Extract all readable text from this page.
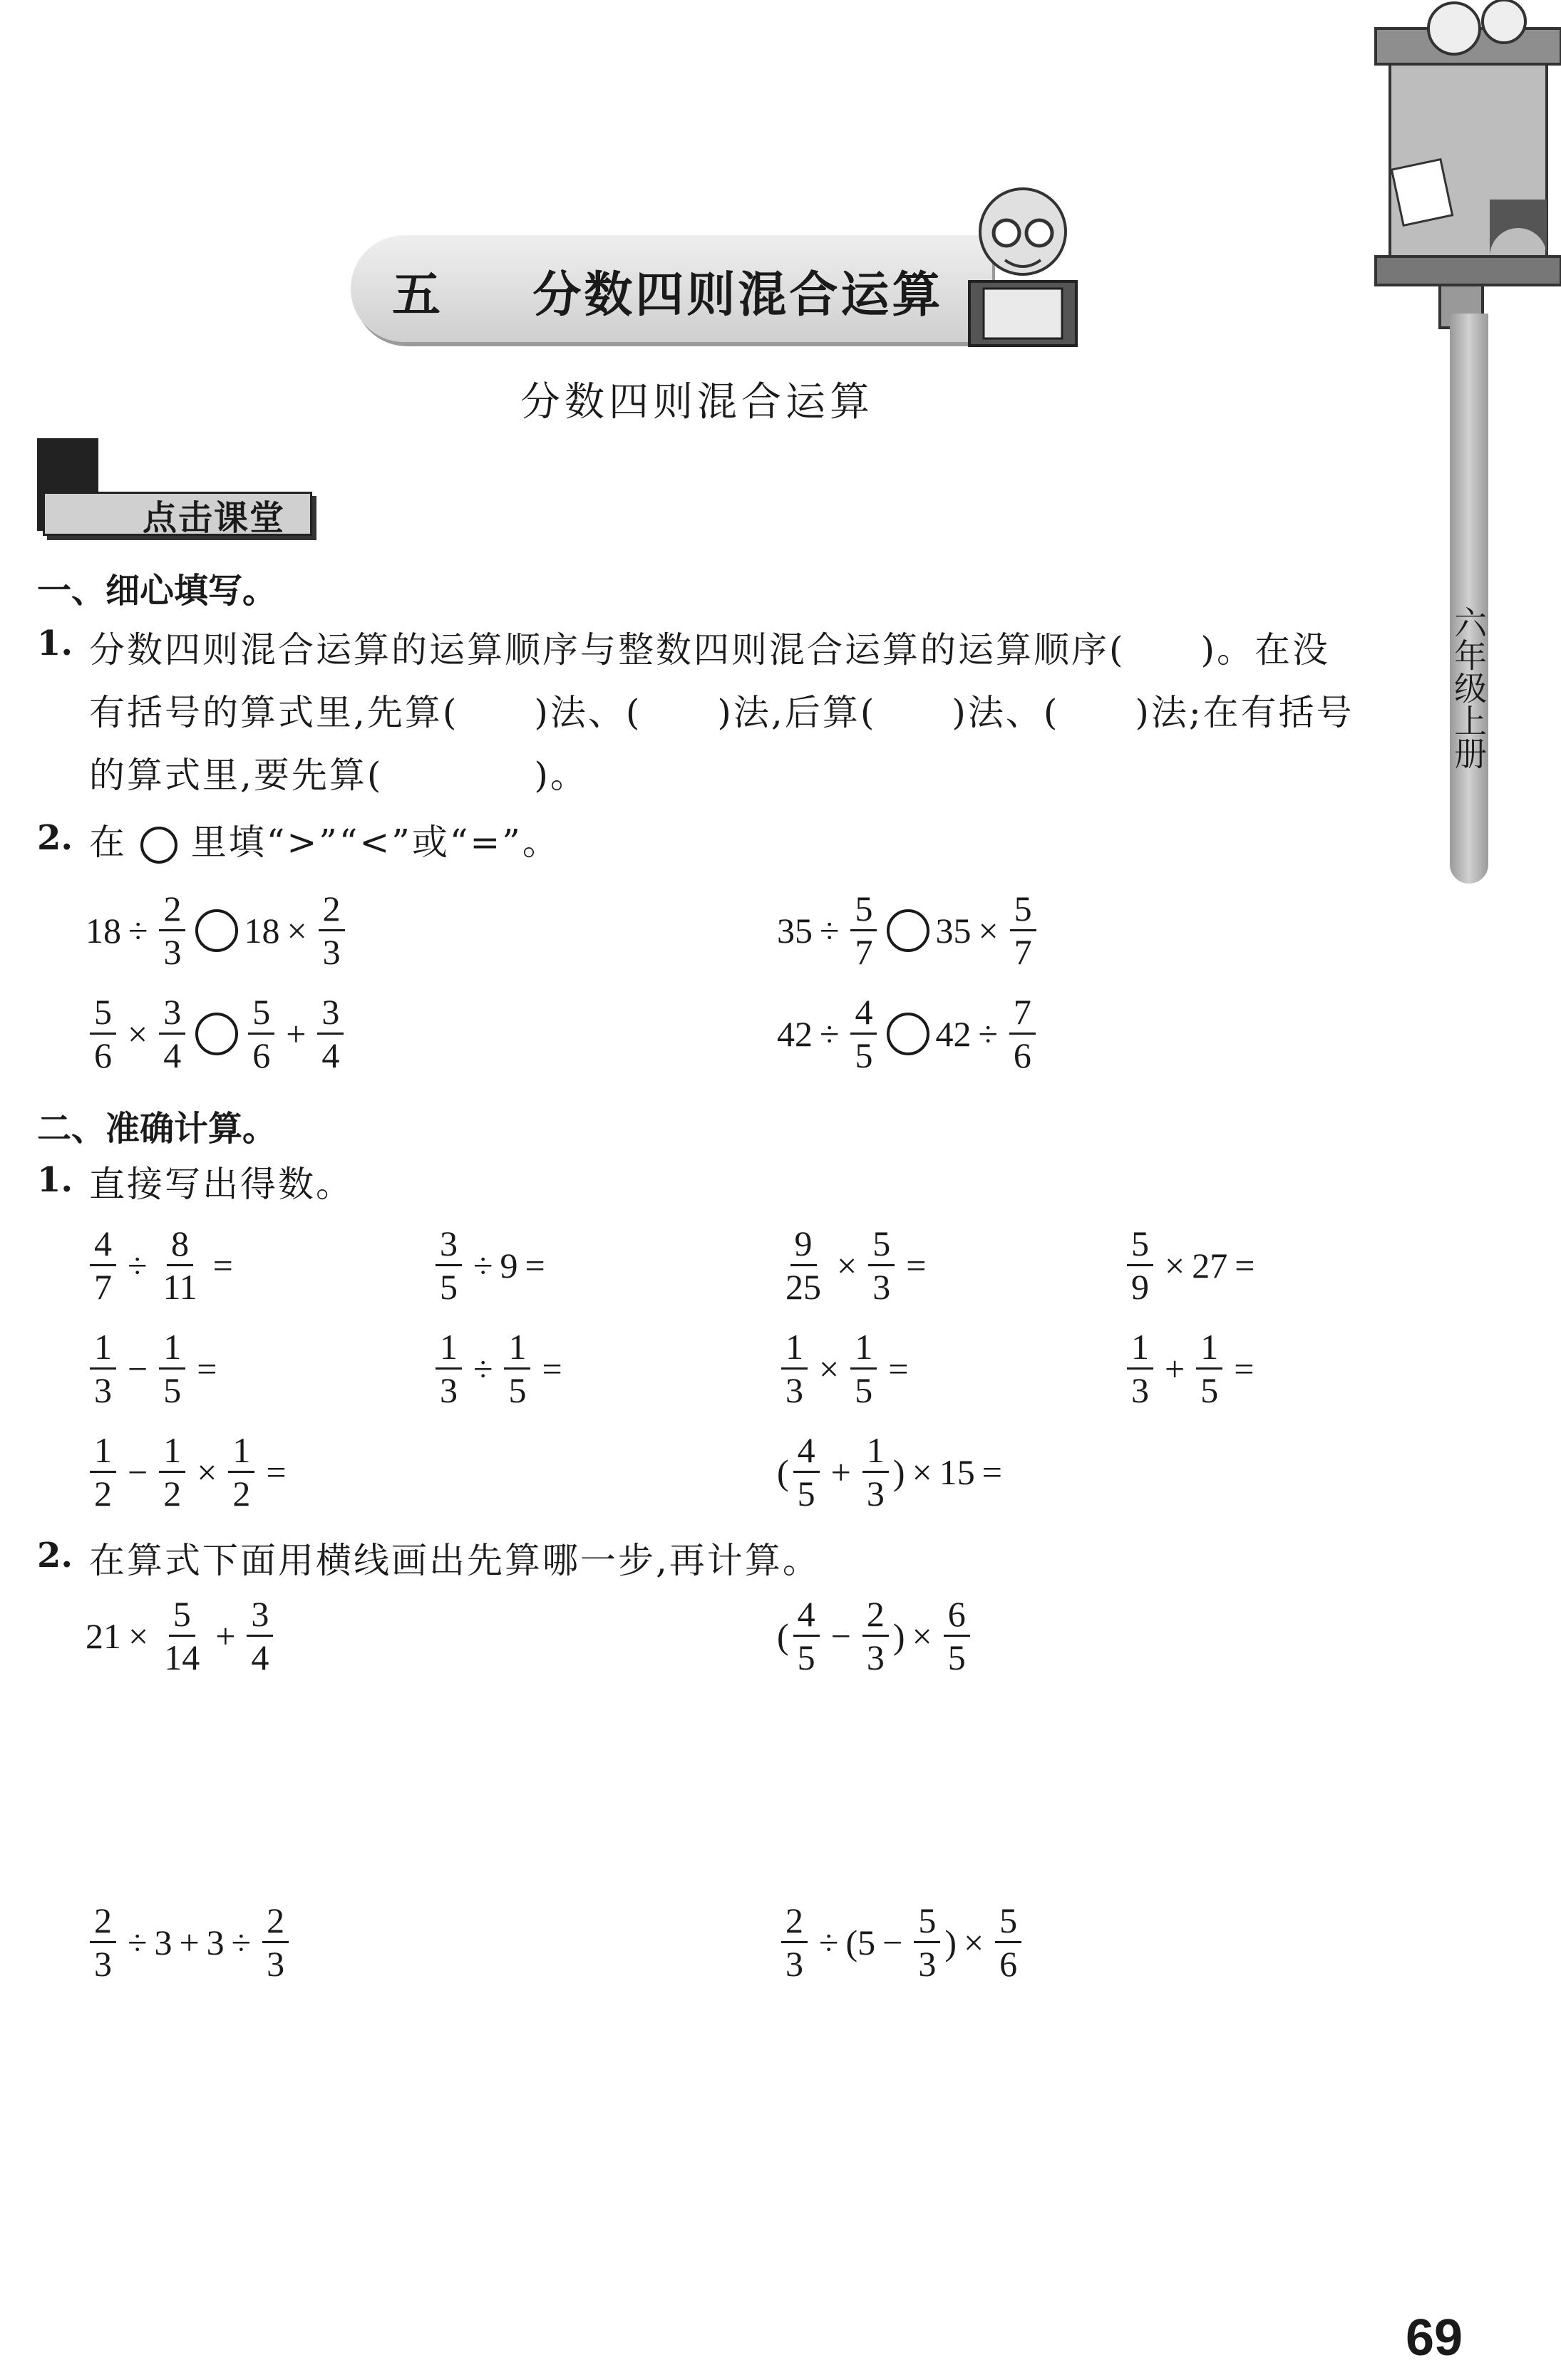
五 分数四则混合运算
分数四则混合运算
点击课堂
一、细心填写。
1. 分数四则混合运算的运算顺序与整数四则混合运算的运算顺序(　　)。在没
有括号的算式里,先算(　　)法、(　　)法,后算(　　)法、(　　)法;在有括号
的算式里,要先算(　　　　)。
2. 在 里填“>”“<”或“=”。
$18 \div \frac{2}{3} 18 \times \frac{2}{3}$	$35 \div \frac{5}{7} 35 \times \frac{5}{7}$
$\frac{5}{6} \times \frac{3}{4} \frac{5}{6} + \frac{3}{4}$	$42 \div \frac{4}{5} 42 \div \frac{7}{6}$
二、准确计算。
1. 直接写出得数。
$\frac{4}{7} \div \frac{8}{11}$ =	$\frac{3}{5} \div 9$ =	$\frac{9}{25} \times \frac{5}{3}$ =	$\frac{5}{9} \times 27$ =
$\frac{1}{3} - \frac{1}{5}$ =	$\frac{1}{3} \div \frac{1}{5}$ =	$\frac{1}{3} \times \frac{1}{5}$ =	$\frac{1}{3} + \frac{1}{5}$ =
$\frac{1}{2} - \frac{1}{2} \times \frac{1}{2}$ =	( $\frac{4}{5} + \frac{1}{3}$ ) × 15 =
2. 在算式下面用横线画出先算哪一步,再计算。
$21 \times \frac{5}{14} + \frac{3}{4}$	( $\frac{4}{5} - \frac{2}{3}$ ) × $\frac{6}{5}$
$\frac{2}{3} \div 3 + 3 \div \frac{2}{3}$	$\frac{2}{3}$ ÷ ( $5 - \frac{5}{3}$ ) × $\frac{5}{6}$
六年级上册
69
